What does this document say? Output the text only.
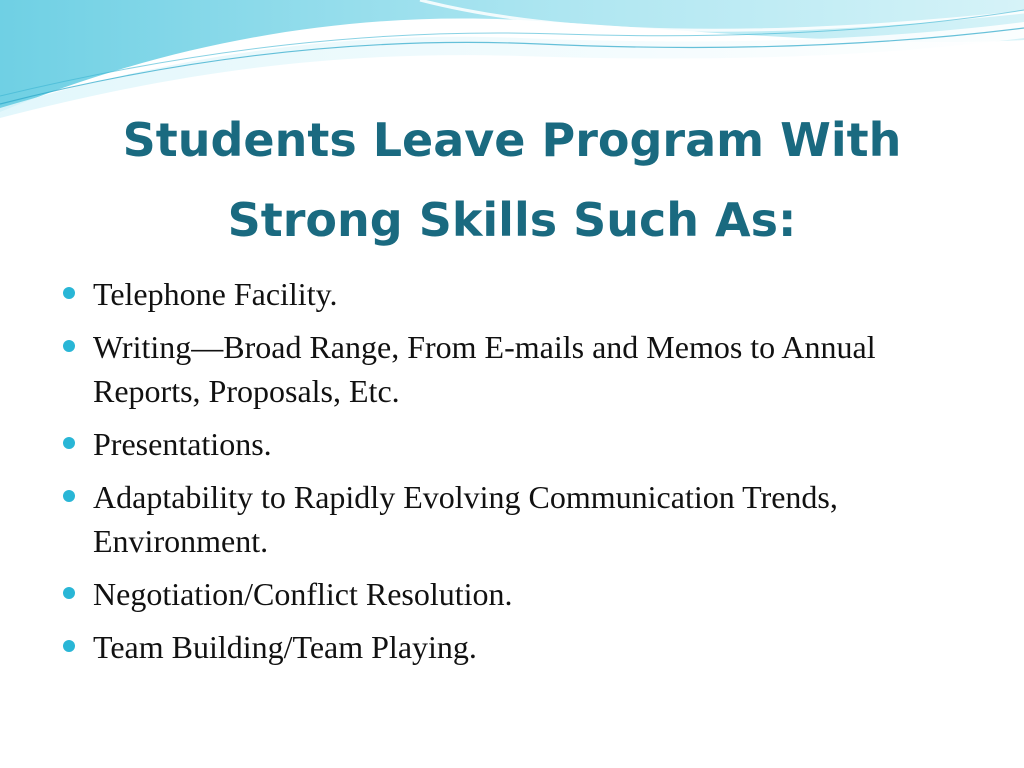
Students Leave Program With
Strong Skills Such As:
Telephone Facility.
Writing—Broad Range, From E-mails and Memos to Annual Reports, Proposals, Etc.
Presentations.
Adaptability to Rapidly Evolving Communication Trends, Environment.
Negotiation/Conflict Resolution.
Team Building/Team Playing.
